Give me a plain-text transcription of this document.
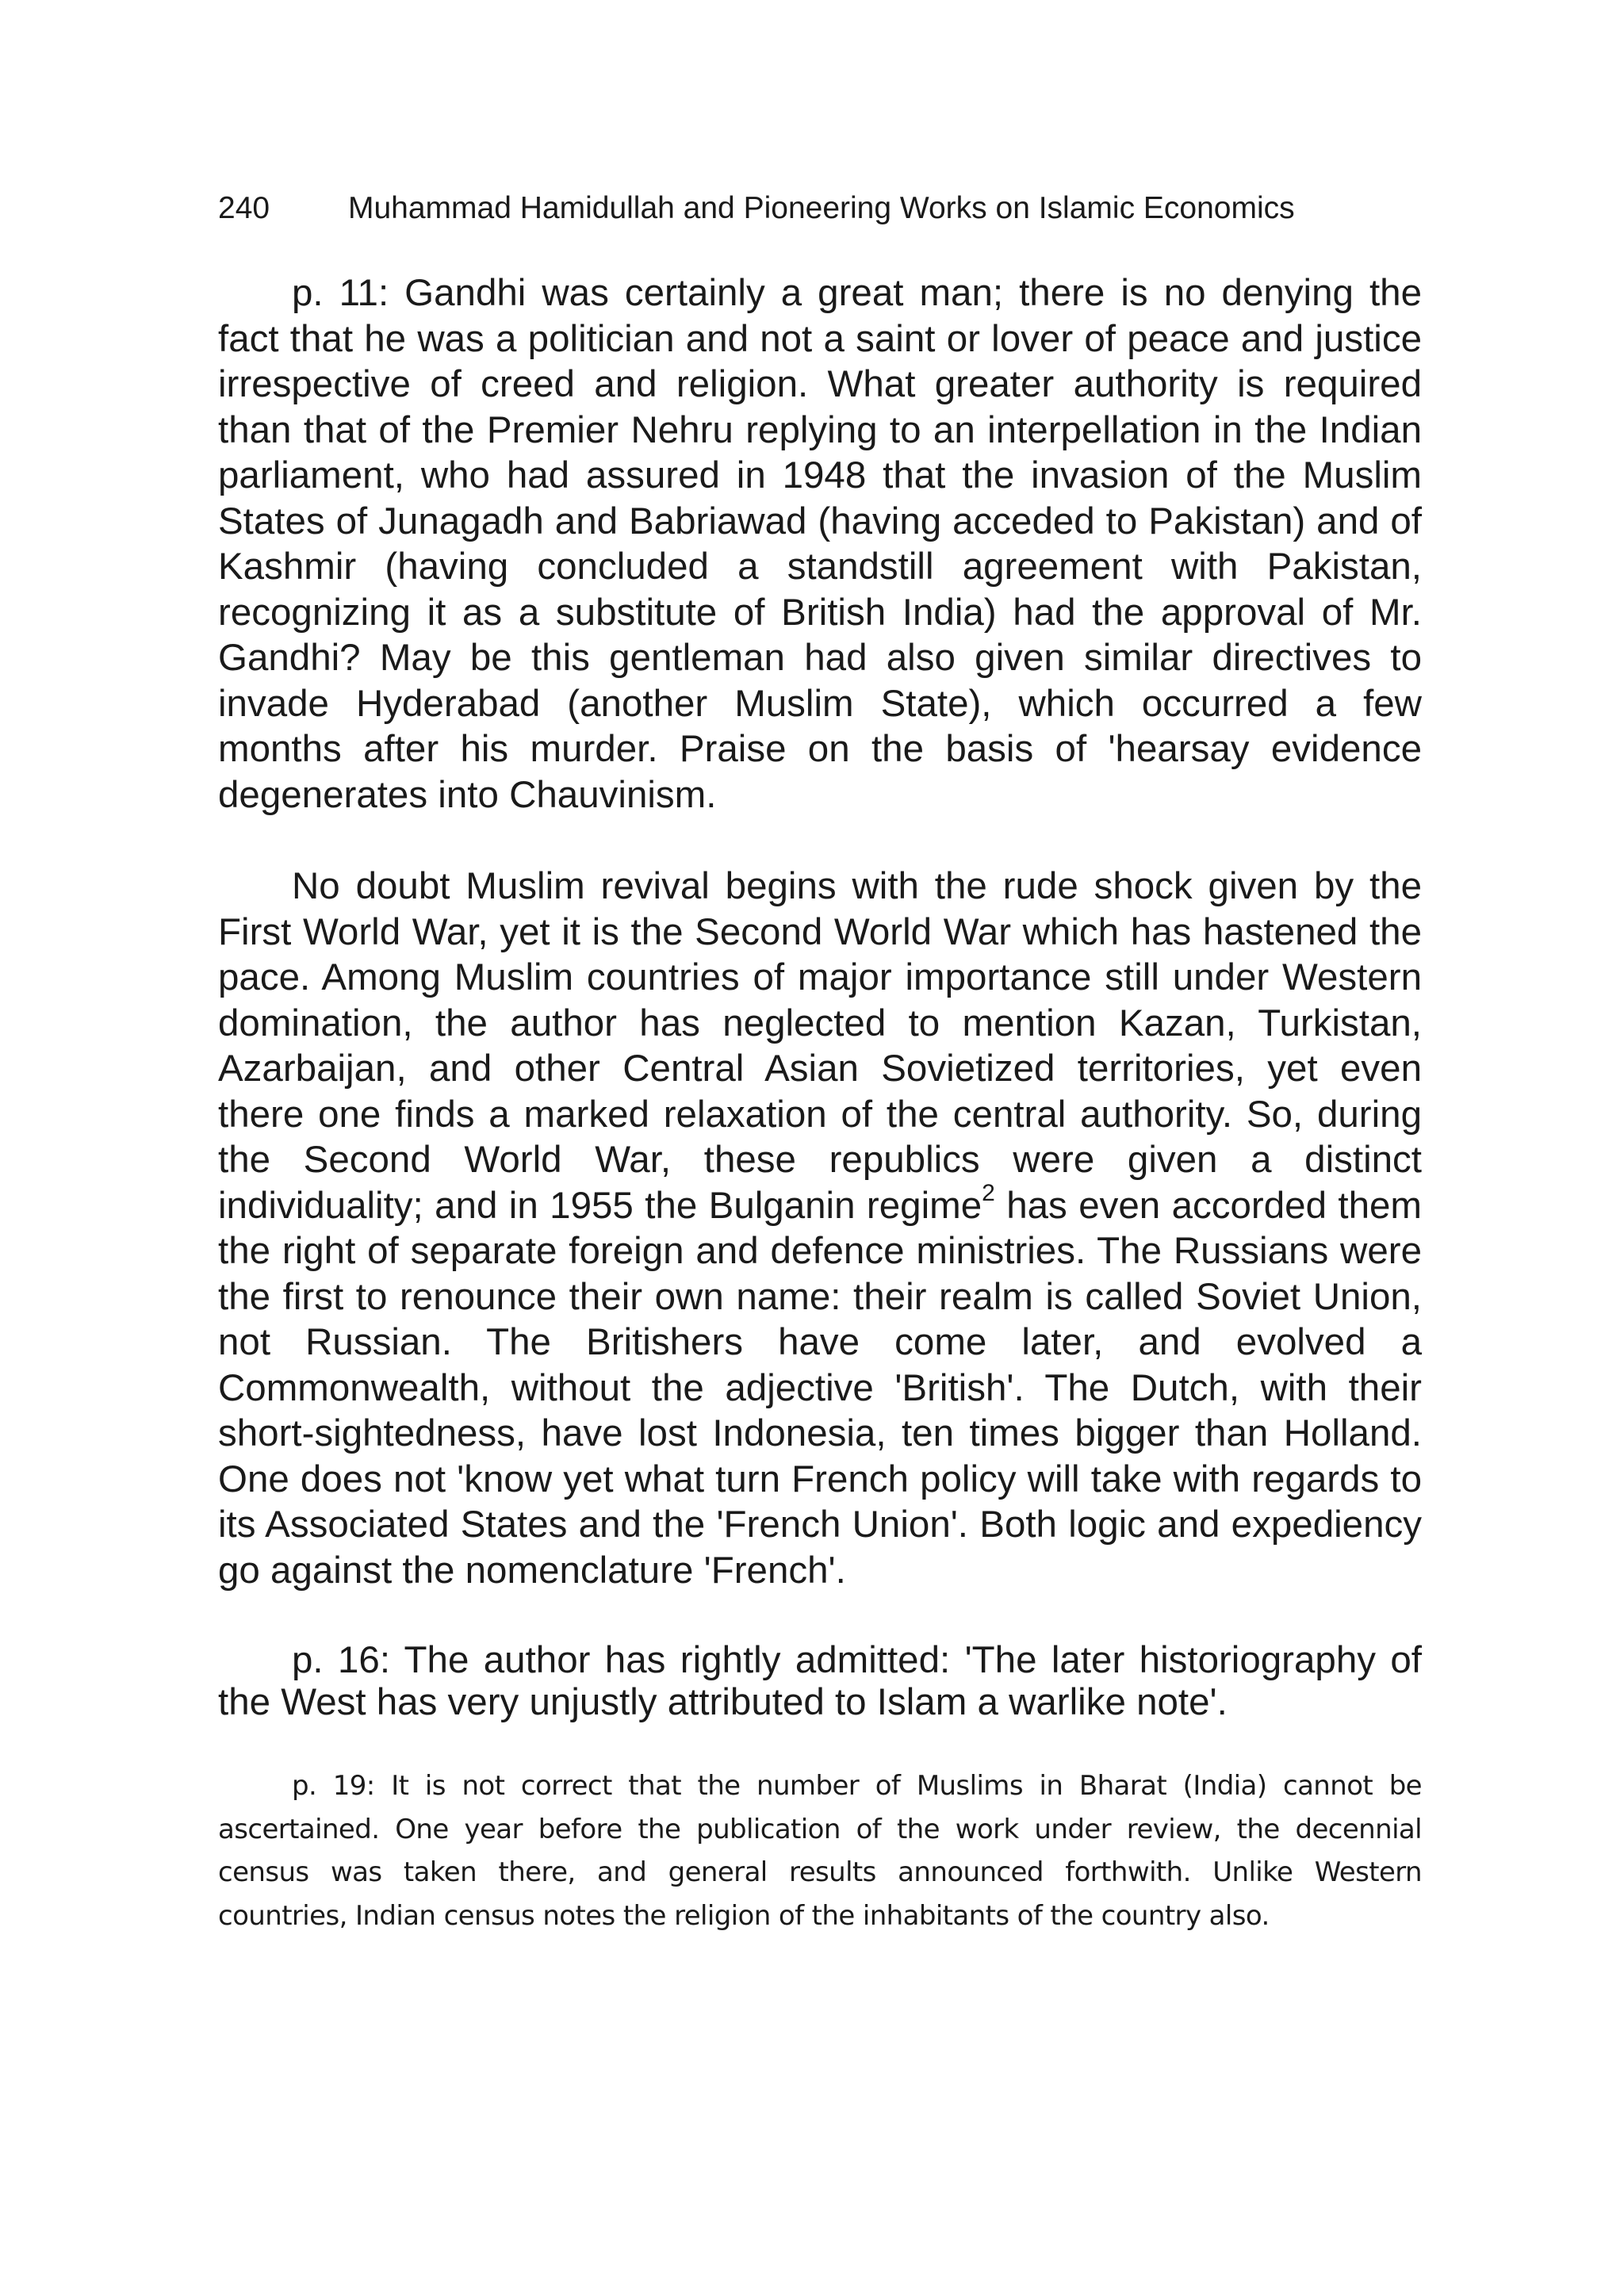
240	Muhammad Hamidullah and Pioneering Works on Islamic Economics

p. 11: Gandhi was certainly a great man; there is no denying the fact that he was a politician and not a saint or lover of peace and justice irrespective of creed and religion. What greater authority is required than that of the Premier Nehru replying to an interpellation in the Indian parliament, who had assured in 1948 that the invasion of the Muslim States of Junagadh and Babriawad (having acceded to Pakistan) and of Kashmir (having concluded a standstill agreement with Pakistan, recognizing it as a substitute of British India) had the approval of Mr. Gandhi? May be this gentleman had also given similar directives to invade Hyderabad (another Muslim State), which occurred a few months after his murder. Praise on the basis of 'hearsay evidence degenerates into Chauvinism.

No doubt Muslim revival begins with the rude shock given by the First World War, yet it is the Second World War which has hastened the pace. Among Muslim countries of major importance still under Western domination, the author has neglected to mention Kazan, Turkistan, Azarbaijan, and other Central Asian Sovietized territories, yet even there one finds a marked relaxation of the central authority. So, during the Second World War, these republics were given a distinct individuality; and in 1955 the Bulganin regime$^2$ has even accorded them the right of separate foreign and defence ministries. The Russians were the first to renounce their own name: their realm is called Soviet Union, not Russian. The Britishers have come later, and evolved a Commonwealth, without the adjective 'British'. The Dutch, with their short-sightedness, have lost Indonesia, ten times bigger than Holland. One does not 'know yet what turn French policy will take with regards to its Associated States and the 'French Union'. Both logic and expediency go against the nomenclature 'French'.

p. 16: The author has rightly admitted: 'The later historiography of the West has very unjustly attributed to Islam a warlike note'.

p. 19: It is not correct that the number of Muslims in Bharat (India) cannot be ascertained. One year before the publication of the work under review, the decennial census was taken there, and general results announced forthwith. Unlike Western countries, Indian census notes the religion of the inhabitants of the country also.
